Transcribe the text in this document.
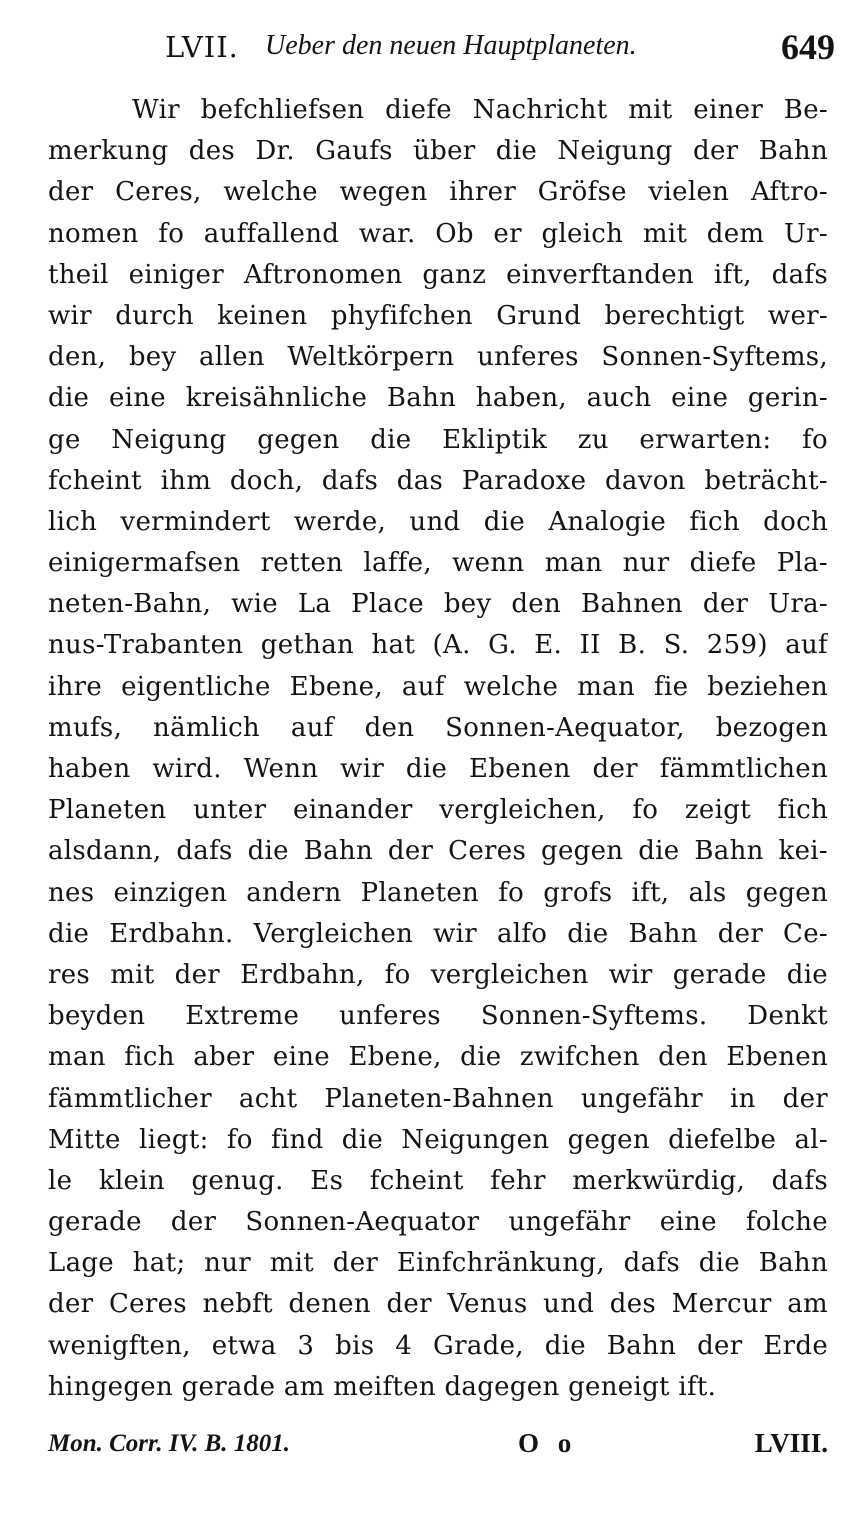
LVII. Ueber den neuen Hauptplaneten.	649
Wir befchliefsen diefe Nachricht mit einer Be-
merkung des Dr. Gaufs über die Neigung der Bahn
der Ceres, welche wegen ihrer Gröfse vielen Aftro-
nomen fo auffallend war. Ob er gleich mit dem Ur-
theil einiger Aftronomen ganz einverftanden ift, dafs
wir durch keinen phyfifchen Grund berechtigt wer-
den, bey allen Weltkörpern unferes Sonnen-Syftems,
die eine kreisähnliche Bahn haben, auch eine gerin-
ge Neigung gegen die Ekliptik zu erwarten: fo
fcheint ihm doch, dafs das Paradoxe davon beträcht-
lich vermindert werde, und die Analogie fich doch
einigermafsen retten laffe, wenn man nur diefe Pla-
neten-Bahn, wie La Place bey den Bahnen der Ura-
nus-Trabanten gethan hat (A. G. E. II B. S. 259) auf
ihre eigentliche Ebene, auf welche man fie beziehen
mufs, nämlich auf den Sonnen-Aequator, bezogen
haben wird. Wenn wir die Ebenen der fämmtlichen
Planeten unter einander vergleichen, fo zeigt fich
alsdann, dafs die Bahn der Ceres gegen die Bahn kei-
nes einzigen andern Planeten fo grofs ift, als gegen
die Erdbahn. Vergleichen wir alfo die Bahn der Ce-
res mit der Erdbahn, fo vergleichen wir gerade die
beyden Extreme unferes Sonnen-Syftems. Denkt
man fich aber eine Ebene, die zwifchen den Ebenen
fämmtlicher acht Planeten-Bahnen ungefähr in der
Mitte liegt: fo find die Neigungen gegen diefelbe al-
le klein genug. Es fcheint fehr merkwürdig, dafs
gerade der Sonnen-Aequator ungefähr eine folche
Lage hat; nur mit der Einfchränkung, dafs die Bahn
der Ceres nebft denen der Venus und des Mercur am
wenigften, etwa 3 bis 4 Grade, die Bahn der Erde
hingegen gerade am meiften dagegen geneigt ift.
Mon. Corr. IV. B. 1801.	O o	LVIII.
